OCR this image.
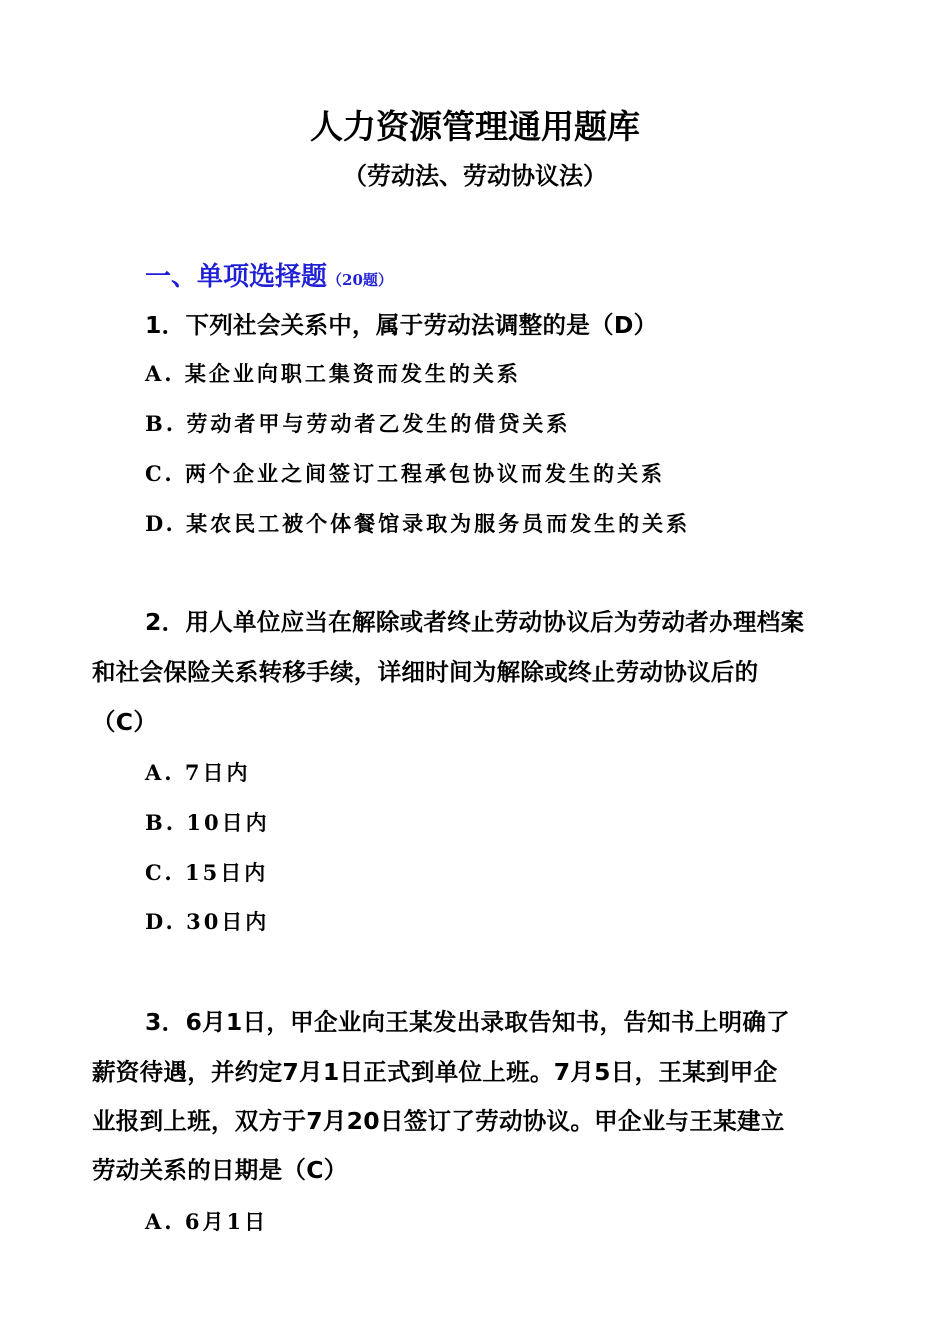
人力资源管理通用题库
（劳动法、劳动协议法）
一、单项选择题（20题）
1．下列社会关系中，属于劳动法调整的是（D）
A. 某企业向职工集资而发生的关系
B. 劳动者甲与劳动者乙发生的借贷关系
C. 两个企业之间签订工程承包协议而发生的关系
D. 某农民工被个体餐馆录取为服务员而发生的关系
2．用人单位应当在解除或者终止劳动协议后为劳动者办理档案
和社会保险关系转移手续，详细时间为解除或终止劳动协议后的
（C）
A. 7日内
B. 10日内
C. 15日内
D. 30日内
3．6月1日，甲企业向王某发出录取告知书，告知书上明确了
薪资待遇，并约定7月1日正式到单位上班。7月5日，王某到甲企
业报到上班，双方于7月20日签订了劳动协议。甲企业与王某建立
劳动关系的日期是（C）
A. 6月1日
